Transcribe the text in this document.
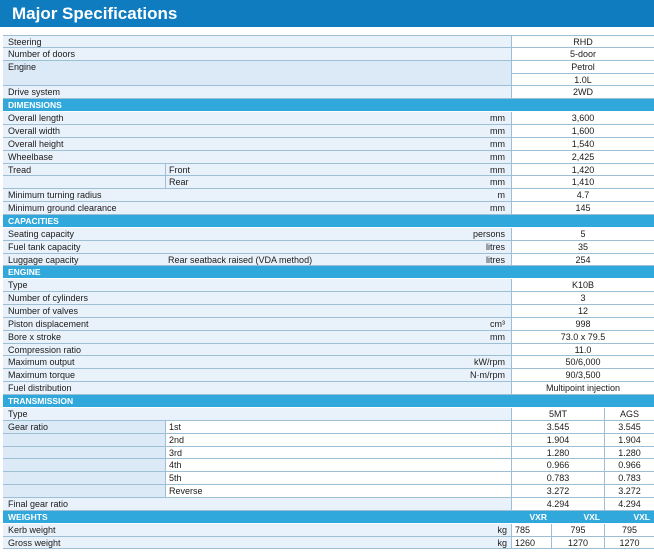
Major Specifications
Steering	RHD
Number of doors	5-door
Engine	Petrol
1.0L
Drive system	2WD
DIMENSIONS
Overall length	mm	3,600
Overall width	mm	1,600
Overall height	mm	1,540
Wheelbase	mm	2,425
Tread	Front	mm	1,420
Rear	mm	1,410
Minimum turning radius	m	4.7
Minimum ground clearance	mm	145
CAPACITIES
Seating capacity	persons	5
Fuel tank capacity	litres	35
Luggage capacity	Rear seatback raised (VDA method)	litres	254
ENGINE
Type	K10B
Number of cylinders	3
Number of valves	12
Piston displacement	cm³	998
Bore x stroke	mm	73.0 x 79.5
Compression ratio	11.0
Maximum output	kW/rpm	50/6,000
Maximum torque	N·m/rpm	90/3,500
Fuel distribution	Multipoint injection
TRANSMISSION
Type	5MT	AGS
Gear ratio	1st	3.545	3.545
2nd	1.904	1.904
3rd	1.280	1.280
4th	0.966	0.966
5th	0.783	0.783
Reverse	3.272	3.272
Final gear ratio	4.294	4.294
WEIGHTS	VXR	VXL	VXL
Kerb weight	kg 785	795	795
Gross weight	kg 1260	1270	1270
